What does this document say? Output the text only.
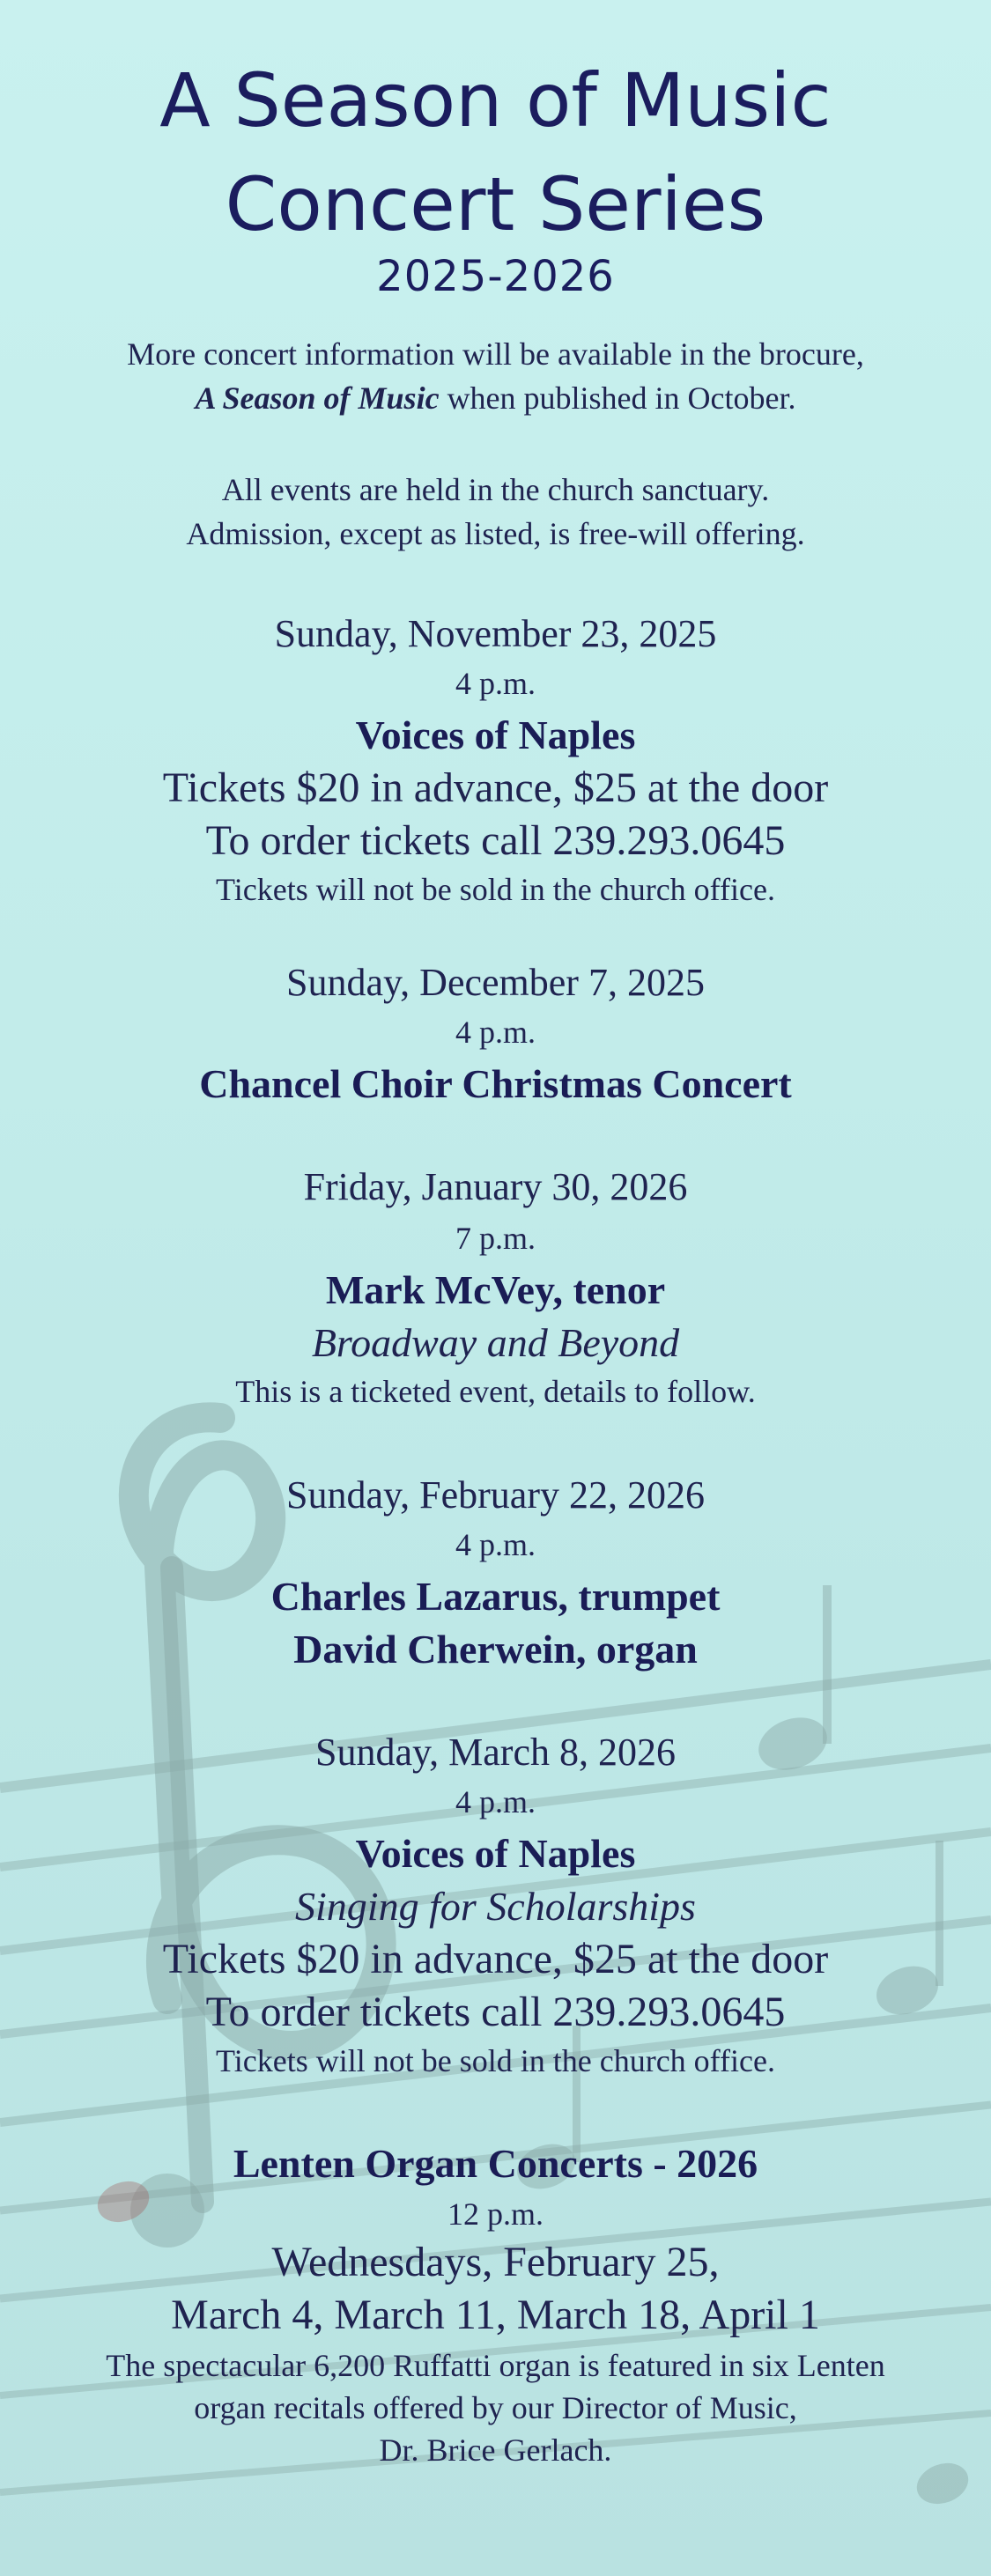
A Season of Music
Concert Series
2025-2026
More concert information will be available in the brocure,
A Season of Music when published in October.
All events are held in the church sanctuary.
Admission, except as listed, is free-will offering.
Sunday, November 23, 2025
4 p.m.
Voices of Naples
Tickets $20 in advance, $25 at the door
To order tickets call 239.293.0645
Tickets will not be sold in the church office.
Sunday, December 7, 2025
4 p.m.
Chancel Choir Christmas Concert
Friday, January 30, 2026
7 p.m.
Mark McVey, tenor
Broadway and Beyond
This is a ticketed event, details to follow.
Sunday, February 22, 2026
4 p.m.
Charles Lazarus, trumpet
David Cherwein, organ
Sunday, March 8, 2026
4 p.m.
Voices of Naples
Singing for Scholarships
Tickets $20 in advance, $25 at the door
To order tickets call 239.293.0645
Tickets will not be sold in the church office.
Lenten Organ Concerts - 2026
12 p.m.
Wednesdays, February 25,
March 4, March 11, March 18, April 1
The spectacular 6,200 Ruffatti organ is featured in six Lenten
organ recitals offered by our Director of Music,
Dr. Brice Gerlach.
